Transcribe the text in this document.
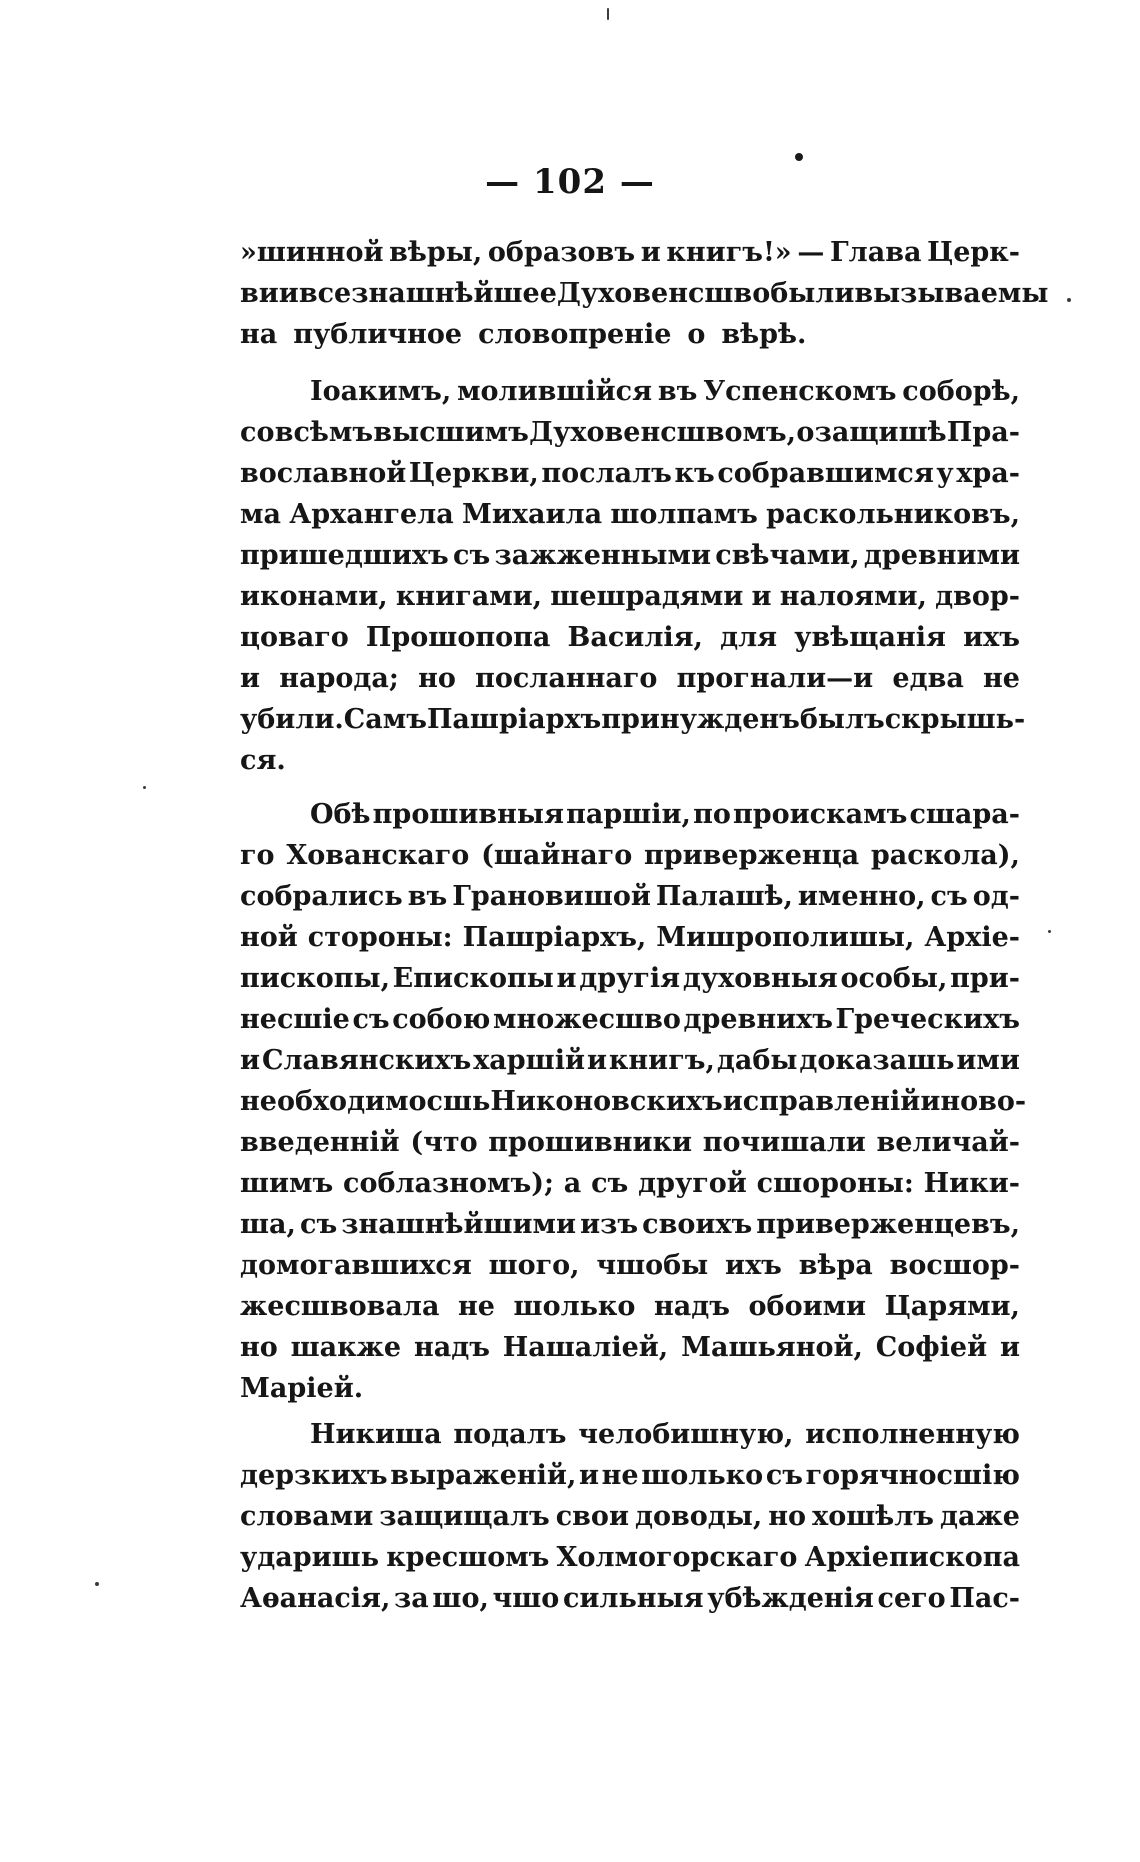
— 102 —
»шинной вѣры, образовъ и книгъ!» — Глава Церк-
ви и все знашнѣйшее Духовенсшво были вызываемы
на публичное словопреніе о вѣрѣ.
Іоакимъ, молившійся въ Успенскомъ соборѣ,
со всѣмъ высшимъ Духовенсшвомъ, о защишѣ Пра-
вославной Церкви, послалъ къ собравшимся у хра-
ма Архангела Михаила шолпамъ раскольниковъ,
пришедшихъ съ зажженными свѣчами, древними
иконами, книгами, шешрадями и налоями, двор-
цоваго Прошопопа Василія, для увѣщанія ихъ
и народа; но посланнаго прогнали—и едва не
убили. Самъ Пашріархъ принужденъ былъ скрышь-
ся.
Обѣ прошивныя паршіи, по проискамъ сшара-
го Хованскаго (шайнаго приверженца раскола),
собрались въ Грановишой Палашѣ, именно, съ од-
ной стороны: Пашріархъ, Мишрополишы, Архіе-
пископы, Епископы и другія духовныя особы, при-
несшіе съ собою множесшво древнихъ Греческихъ
и Славянскихъ харшій и книгъ, дабы доказашь ими
необходимосшь Никоновскихъ исправленій и ново-
введенній (что прошивники почишали величай-
шимъ соблазномъ); а съ другой сшороны: Ники-
ша, съ знашнѣйшими изъ своихъ приверженцевъ,
домогавшихся шого, чшобы ихъ вѣра восшор-
жесшвовала не шолько надъ обоими Царями,
но шакже надъ Нашаліей, Машьяной, Софіей и
Маріей.
Никиша подалъ челобишную, исполненную
дерзкихъ выраженій, и не шолько съ горячносшію
словами защищалъ свои доводы, но хошѣлъ даже
ударишь кресшомъ Холмогорскаго Архіепископа
Аѳанасія, за шо, чшо сильныя убѣжденія сего Пас-
